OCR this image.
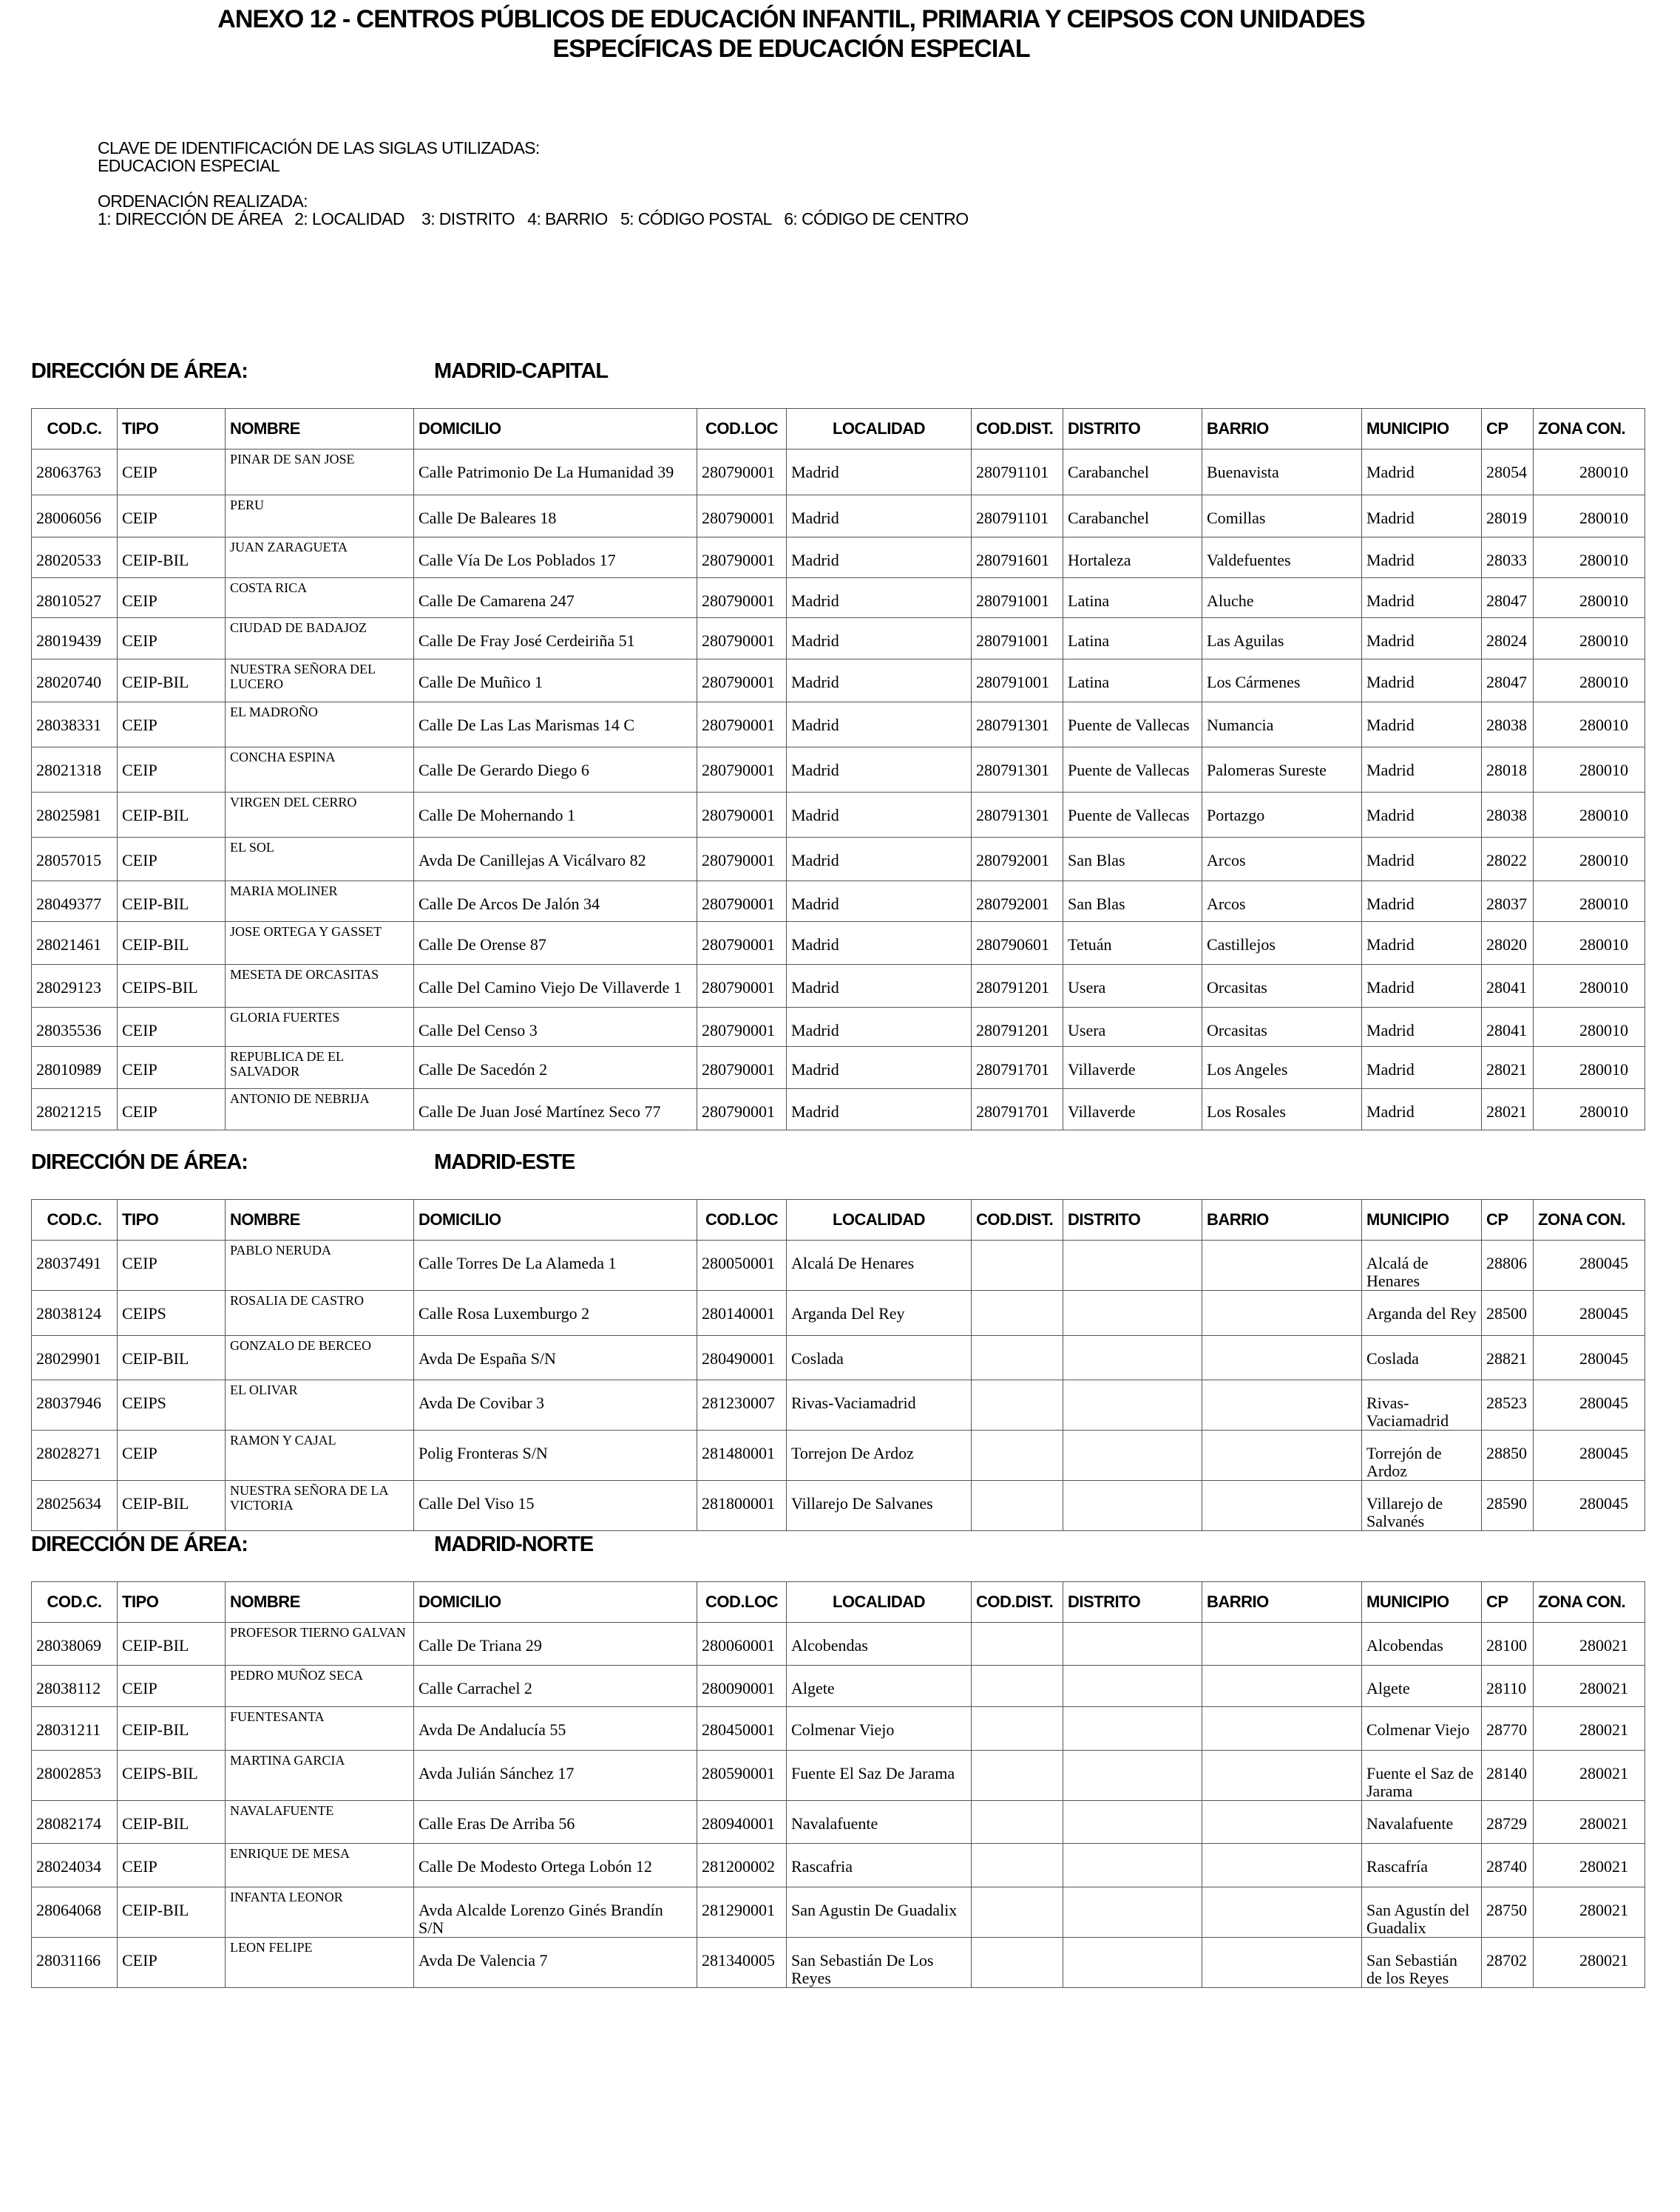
ANEXO 12 - CENTROS PÚBLICOS DE EDUCACIÓN INFANTIL, PRIMARIA Y CEIPSOS CON UNIDADES
ESPECÍFICAS DE EDUCACIÓN ESPECIAL
CLAVE DE IDENTIFICACIÓN DE LAS SIGLAS UTILIZADAS:
EDUCACION ESPECIAL
ORDENACIÓN REALIZADA:
1: DIRECCIÓN DE ÁREA   2: LOCALIDAD    3: DISTRITO   4: BARRIO   5: CÓDIGO POSTAL   6: CÓDIGO DE CENTRO
DIRECCIÓN DE ÁREA:	MADRID-CAPITAL
COD.C.	TIPO	NOMBRE	DOMICILIO	COD.LOC	LOCALIDAD	COD.DIST.	DISTRITO	BARRIO	MUNICIPIO	CP	ZONA CON.
28063763	CEIP	PINAR DE SAN JOSE	Calle Patrimonio De La Humanidad 39	280790001	Madrid	280791101	Carabanchel	Buenavista	Madrid	28054	280010
28006056	CEIP	PERU	Calle De Baleares 18	280790001	Madrid	280791101	Carabanchel	Comillas	Madrid	28019	280010
28020533	CEIP-BIL	JUAN ZARAGUETA	Calle Vía De Los Poblados 17	280790001	Madrid	280791601	Hortaleza	Valdefuentes	Madrid	28033	280010
28010527	CEIP	COSTA RICA	Calle De Camarena 247	280790001	Madrid	280791001	Latina	Aluche	Madrid	28047	280010
28019439	CEIP	CIUDAD DE BADAJOZ	Calle De Fray José Cerdeiriña 51	280790001	Madrid	280791001	Latina	Las Aguilas	Madrid	28024	280010
28020740	CEIP-BIL	NUESTRA SEÑORA DEL LUCERO	Calle De Muñico 1	280790001	Madrid	280791001	Latina	Los Cármenes	Madrid	28047	280010
28038331	CEIP	EL MADROÑO	Calle De Las Las Marismas 14 C	280790001	Madrid	280791301	Puente de Vallecas	Numancia	Madrid	28038	280010
28021318	CEIP	CONCHA ESPINA	Calle De Gerardo Diego 6	280790001	Madrid	280791301	Puente de Vallecas	Palomeras Sureste	Madrid	28018	280010
28025981	CEIP-BIL	VIRGEN DEL CERRO	Calle De Mohernando 1	280790001	Madrid	280791301	Puente de Vallecas	Portazgo	Madrid	28038	280010
28057015	CEIP	EL SOL	Avda De Canillejas A Vicálvaro 82	280790001	Madrid	280792001	San Blas	Arcos	Madrid	28022	280010
28049377	CEIP-BIL	MARIA MOLINER	Calle De Arcos De Jalón 34	280790001	Madrid	280792001	San Blas	Arcos	Madrid	28037	280010
28021461	CEIP-BIL	JOSE ORTEGA Y GASSET	Calle De Orense 87	280790001	Madrid	280790601	Tetuán	Castillejos	Madrid	28020	280010
28029123	CEIPS-BIL	MESETA DE ORCASITAS	Calle Del Camino Viejo De Villaverde 1	280790001	Madrid	280791201	Usera	Orcasitas	Madrid	28041	280010
28035536	CEIP	GLORIA FUERTES	Calle Del Censo 3	280790001	Madrid	280791201	Usera	Orcasitas	Madrid	28041	280010
28010989	CEIP	REPUBLICA DE EL SALVADOR	Calle De Sacedón 2	280790001	Madrid	280791701	Villaverde	Los Angeles	Madrid	28021	280010
28021215	CEIP	ANTONIO DE NEBRIJA	Calle De Juan José Martínez Seco 77	280790001	Madrid	280791701	Villaverde	Los Rosales	Madrid	28021	280010
DIRECCIÓN DE ÁREA:	MADRID-ESTE
COD.C.	TIPO	NOMBRE	DOMICILIO	COD.LOC	LOCALIDAD	COD.DIST.	DISTRITO	BARRIO	MUNICIPIO	CP	ZONA CON.
28037491	CEIP	PABLO NERUDA	Calle Torres De La Alameda 1	280050001	Alcalá De Henares				Alcalá de Henares	28806	280045
28038124	CEIPS	ROSALIA DE CASTRO	Calle Rosa Luxemburgo 2	280140001	Arganda Del Rey				Arganda del Rey	28500	280045
28029901	CEIP-BIL	GONZALO DE BERCEO	Avda De España S/N	280490001	Coslada				Coslada	28821	280045
28037946	CEIPS	EL OLIVAR	Avda De Covibar 3	281230007	Rivas-Vaciamadrid				Rivas-Vaciamadrid	28523	280045
28028271	CEIP	RAMON Y CAJAL	Polig Fronteras S/N	281480001	Torrejon De Ardoz				Torrejón de Ardoz	28850	280045
28025634	CEIP-BIL	NUESTRA SEÑORA DE LA VICTORIA	Calle Del Viso 15	281800001	Villarejo De Salvanes				Villarejo de Salvanés	28590	280045
DIRECCIÓN DE ÁREA:	MADRID-NORTE
COD.C.	TIPO	NOMBRE	DOMICILIO	COD.LOC	LOCALIDAD	COD.DIST.	DISTRITO	BARRIO	MUNICIPIO	CP	ZONA CON.
28038069	CEIP-BIL	PROFESOR TIERNO GALVAN	Calle De Triana 29	280060001	Alcobendas				Alcobendas	28100	280021
28038112	CEIP	PEDRO MUÑOZ SECA	Calle Carrachel 2	280090001	Algete				Algete	28110	280021
28031211	CEIP-BIL	FUENTESANTA	Avda De Andalucía 55	280450001	Colmenar Viejo				Colmenar Viejo	28770	280021
28002853	CEIPS-BIL	MARTINA GARCIA	Avda Julián Sánchez 17	280590001	Fuente El Saz De Jarama				Fuente el Saz de Jarama	28140	280021
28082174	CEIP-BIL	NAVALAFUENTE	Calle Eras De Arriba 56	280940001	Navalafuente				Navalafuente	28729	280021
28024034	CEIP	ENRIQUE DE MESA	Calle De Modesto Ortega Lobón 12	281200002	Rascafria				Rascafría	28740	280021
28064068	CEIP-BIL	INFANTA LEONOR	Avda Alcalde Lorenzo Ginés Brandín S/N	281290001	San Agustin De Guadalix				San Agustín del Guadalix	28750	280021
28031166	CEIP	LEON FELIPE	Avda De Valencia 7	281340005	San Sebastián De Los Reyes				San Sebastián de los Reyes	28702	280021
